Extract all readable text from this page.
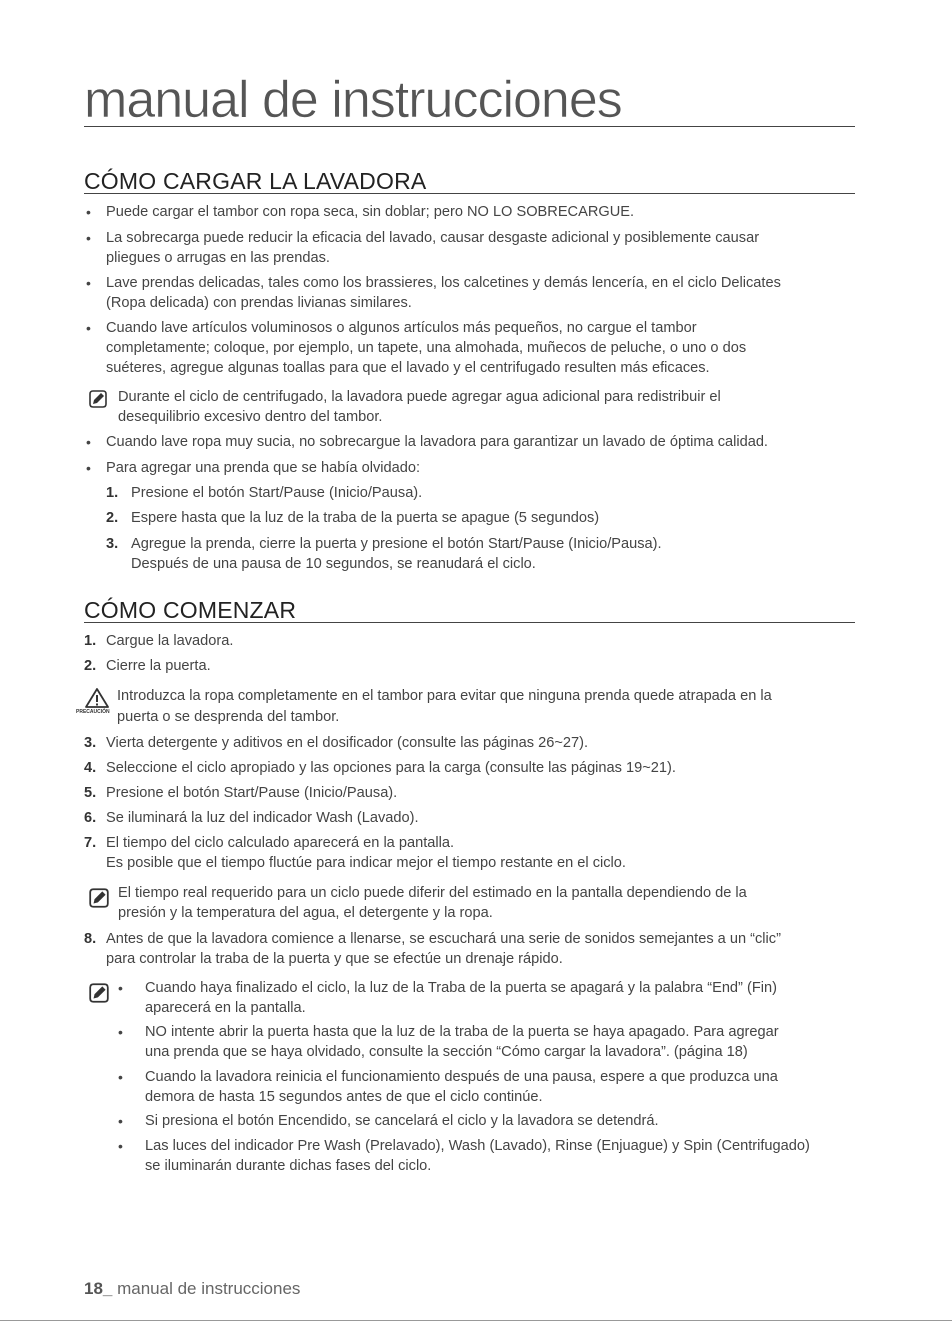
manual de instrucciones
CÓMO CARGAR LA LAVADORA
• Puede cargar el tambor con ropa seca, sin doblar; pero NO LO SOBRECARGUE.
• La sobrecarga puede reducir la eficacia del lavado, causar desgaste adicional y posiblemente causar
pliegues o arrugas en las prendas.
• Lave prendas delicadas, tales como los brassieres, los calcetines y demás lencería, en el ciclo Delicates
(Ropa delicada) con prendas livianas similares.
• Cuando lave artículos voluminosos o algunos artículos más pequeños, no cargue el tambor
completamente; coloque, por ejemplo, un tapete, una almohada, muñecos de peluche, o uno o dos
suéteres, agregue algunas toallas para que el lavado y el centrifugado resulten más eficaces.
Durante el ciclo de centrifugado, la lavadora puede agregar agua adicional para redistribuir el
desequilibrio excesivo dentro del tambor.
• Cuando lave ropa muy sucia, no sobrecargue la lavadora para garantizar un lavado de óptima calidad.
• Para agregar una prenda que se había olvidado:
1. Presione el botón Start/Pause (Inicio/Pausa).
2. Espere hasta que la luz de la traba de la puerta se apague (5 segundos)
3. Agregue la prenda, cierre la puerta y presione el botón Start/Pause (Inicio/Pausa).
Después de una pausa de 10 segundos, se reanudará el ciclo.
CÓMO COMENZAR
1. Cargue la lavadora.
2. Cierre la puerta.
PRECAUCIÓN
Introduzca la ropa completamente en el tambor para evitar que ninguna prenda quede atrapada en la
puerta o se desprenda del tambor.
3. Vierta detergente y aditivos en el dosificador (consulte las páginas 26~27).
4. Seleccione el ciclo apropiado y las opciones para la carga (consulte las páginas 19~21).
5. Presione el botón Start/Pause (Inicio/Pausa).
6. Se iluminará la luz del indicador Wash (Lavado).
7. El tiempo del ciclo calculado aparecerá en la pantalla.
Es posible que el tiempo fluctúe para indicar mejor el tiempo restante en el ciclo.
El tiempo real requerido para un ciclo puede diferir del estimado en la pantalla dependiendo de la
presión y la temperatura del agua, el detergente y la ropa.
8. Antes de que la lavadora comience a llenarse, se escuchará una serie de sonidos semejantes a un “clic”
para controlar la traba de la puerta y que se efectúe un drenaje rápido.
• Cuando haya finalizado el ciclo, la luz de la Traba de la puerta se apagará y la palabra “End” (Fin)
aparecerá en la pantalla.
• NO intente abrir la puerta hasta que la luz de la traba de la puerta se haya apagado. Para agregar
una prenda que se haya olvidado, consulte la sección “Cómo cargar la lavadora”. (página 18)
• Cuando la lavadora reinicia el funcionamiento después de una pausa, espere a que produzca una
demora de hasta 15 segundos antes de que el ciclo continúe.
• Si presiona el botón Encendido, se cancelará el ciclo y la lavadora se detendrá.
• Las luces del indicador Pre Wash (Prelavado), Wash (Lavado), Rinse (Enjuague) y Spin (Centrifugado)
se iluminarán durante dichas fases del ciclo.
18_ manual de instrucciones
